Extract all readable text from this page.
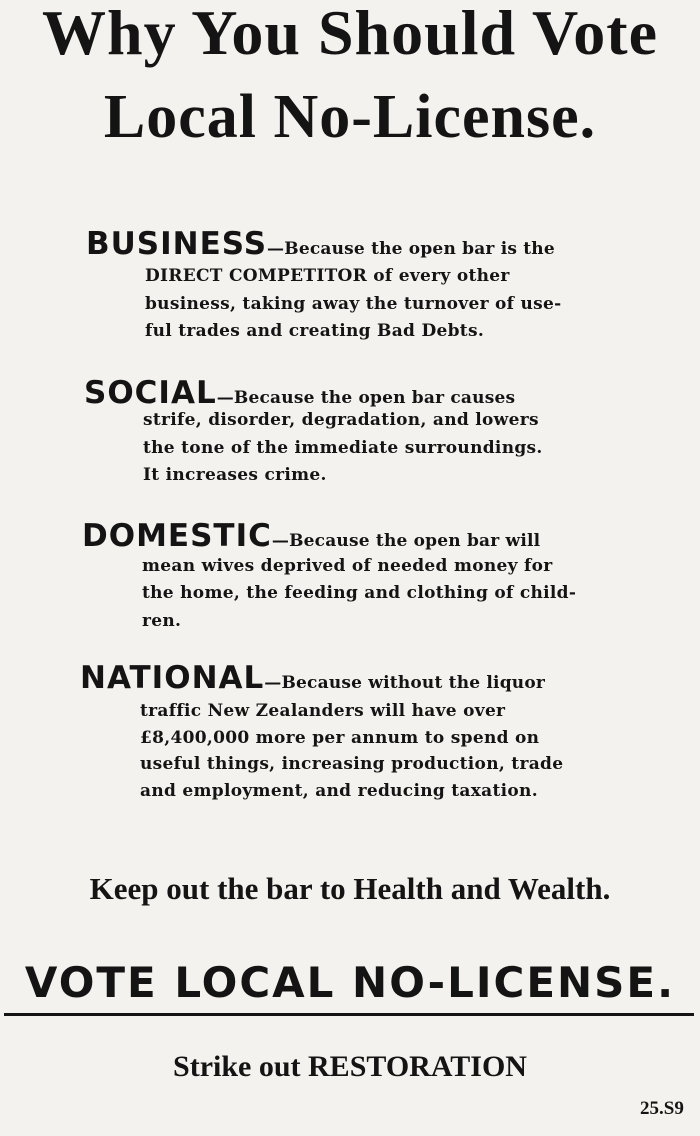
Why You Should Vote
Local No-License.
BUSINESS—Because the open bar is the
DIRECT COMPETITOR of every other
business, taking away the turnover of use-
ful trades and creating Bad Debts.
SOCIAL—Because the open bar causes
strife, disorder, degradation, and lowers
the tone of the immediate surroundings.
It increases crime.
DOMESTIC—Because the open bar will
mean wives deprived of needed money for
the home, the feeding and clothing of child-
ren.
NATIONAL—Because without the liquor
traffic New Zealanders will have over
£8,400,000 more per annum to spend on
useful things, increasing production, trade
and employment, and reducing taxation.

Keep out the bar to Health and Wealth.

VOTE LOCAL NO-LICENSE.

Strike out RESTORATION

25.S9
